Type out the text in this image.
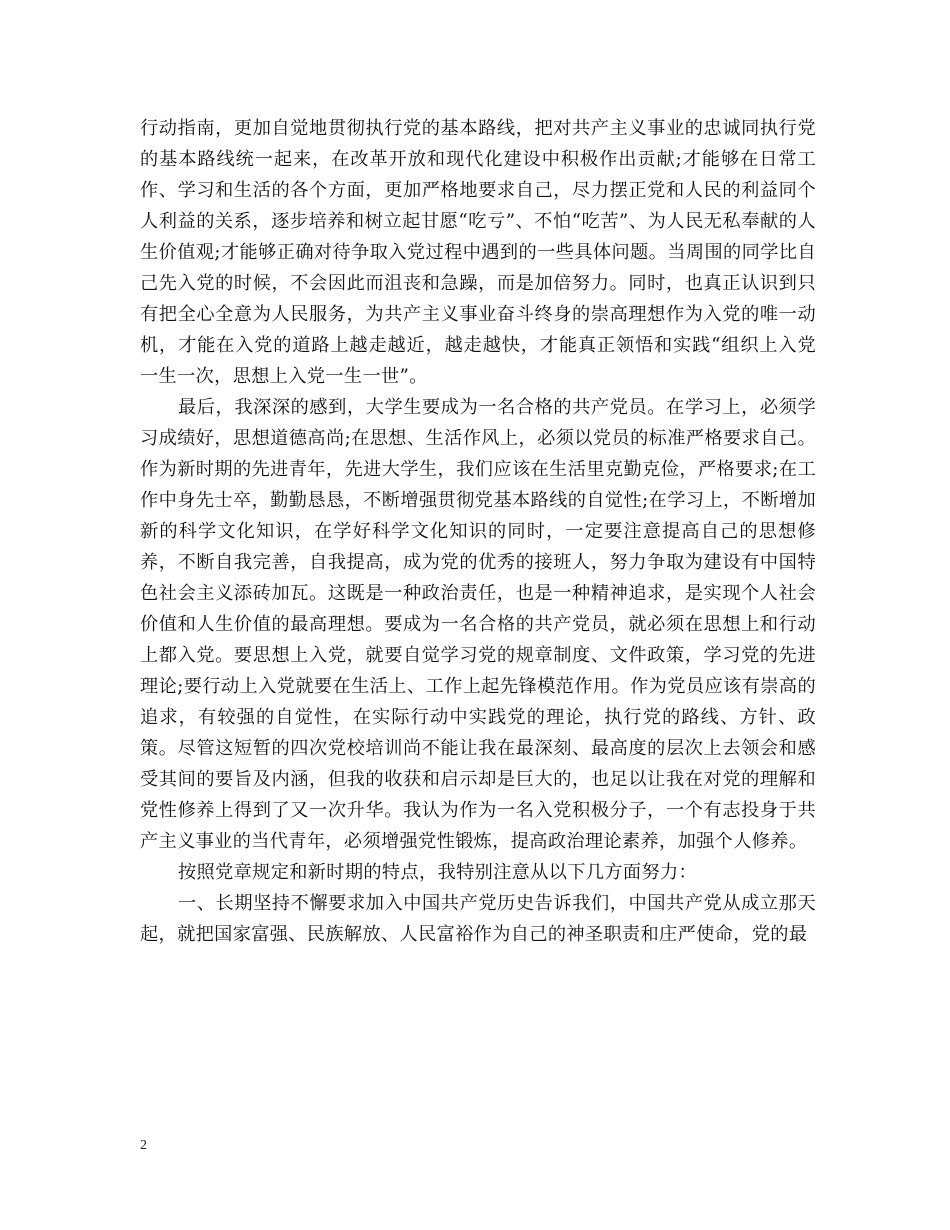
行动指南，更加自觉地贯彻执行党的基本路线，把对共产主义事业的忠诚同执行党的基本路线统一起来，在改革开放和现代化建设中积极作出贡献;才能够在日常工作、学习和生活的各个方面，更加严格地要求自己，尽力摆正党和人民的利益同个人利益的关系，逐步培养和树立起甘愿“吃亏”、不怕“吃苦”、为人民无私奉献的人生价值观;才能够正确对待争取入党过程中遇到的一些具体问题。当周围的同学比自己先入党的时候，不会因此而沮丧和急躁，而是加倍努力。同时，也真正认识到只有把全心全意为人民服务，为共产主义事业奋斗终身的崇高理想作为入党的唯一动机，才能在入党的道路上越走越近，越走越快，才能真正领悟和实践“组织上入党一生一次，思想上入党一生一世”。

最后，我深深的感到，大学生要成为一名合格的共产党员。在学习上，必须学习成绩好，思想道德高尚;在思想、生活作风上，必须以党员的标准严格要求自己。作为新时期的先进青年，先进大学生，我们应该在生活里克勤克俭，严格要求;在工作中身先士卒，勤勤恳恳，不断增强贯彻党基本路线的自觉性;在学习上，不断增加新的科学文化知识，在学好科学文化知识的同时，一定要注意提高自己的思想修养，不断自我完善，自我提高，成为党的优秀的接班人，努力争取为建设有中国特色社会主义添砖加瓦。这既是一种政治责任，也是一种精神追求，是实现个人社会价值和人生价值的最高理想。要成为一名合格的共产党员，就必须在思想上和行动上都入党。要思想上入党，就要自觉学习党的规章制度、文件政策，学习党的先进理论;要行动上入党就要在生活上、工作上起先锋模范作用。作为党员应该有崇高的追求，有较强的自觉性，在实际行动中实践党的理论，执行党的路线、方针、政策。尽管这短暂的四次党校培训尚不能让我在最深刻、最高度的层次上去领会和感受其间的要旨及内涵，但我的收获和启示却是巨大的，也足以让我在对党的理解和党性修养上得到了又一次升华。我认为作为一名入党积极分子，一个有志投身于共产主义事业的当代青年，必须增强党性锻炼，提高政治理论素养，加强个人修养。

按照党章规定和新时期的特点，我特别注意从以下几方面努力：

一、长期坚持不懈要求加入中国共产党历史告诉我们，中国共产党从成立那天起，就把国家富强、民族解放、人民富裕作为自己的神圣职责和庄严使命，党的最

2
